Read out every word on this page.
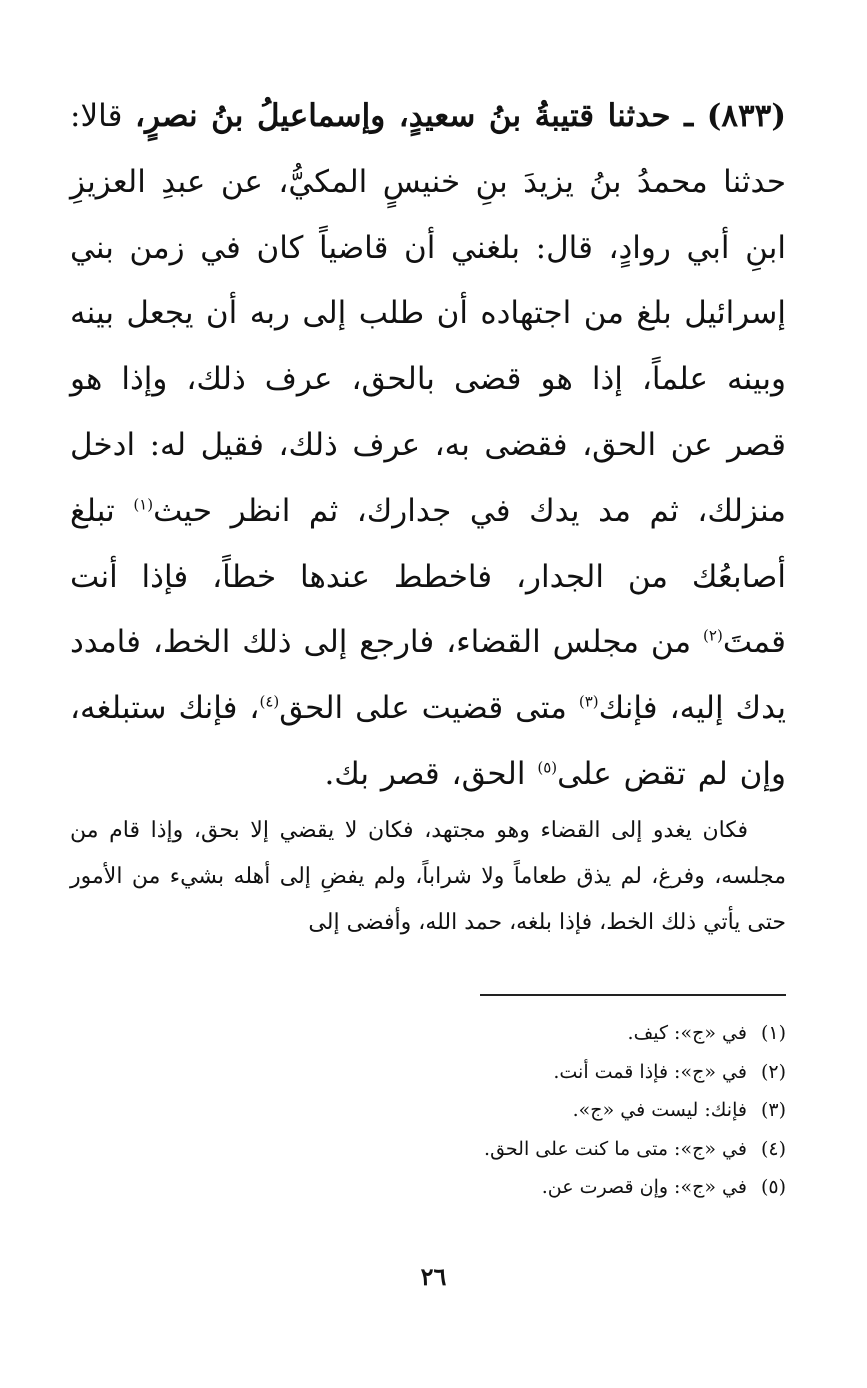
(٨٣٣) ـ حدثنا قتيبةُ بنُ سعيدٍ، وإسماعيلُ بنُ نصرٍ، قالا: حدثنا محمدُ بنُ يزيدَ بنِ خنيسٍ المكيُّ، عن عبدِ العزيزِ ابنِ أبي روادٍ، قال: بلغني أن قاضياً كان في زمن بني إسرائيل بلغ من اجتهاده أن طلب إلى ربه أن يجعل بينه وبينه علماً، إذا هو قضى بالحق، عرف ذلك، وإذا هو قصر عن الحق، فقضى به، عرف ذلك، فقيل له: ادخل منزلك، ثم مد يدك في جدارك، ثم انظر حيث$^{(١)}$ تبلغ أصابعُك من الجدار، فاخطط عندها خطاً، فإذا أنت قمتَ$^{(٢)}$ من مجلس القضاء، فارجع إلى ذلك الخط، فامدد يدك إليه، فإنك$^{(٣)}$ متى قضيت على الحق$^{(٤)}$، فإنك ستبلغه، وإن لم تقض على$^{(٥)}$ الحق، قصر بك.
فكان يغدو إلى القضاء وهو مجتهد، فكان لا يقضي إلا بحق، وإذا قام من مجلسه، وفرغ، لم يذق طعاماً ولا شراباً، ولم يفضِ إلى أهله بشيء من الأمور حتى يأتي ذلك الخط، فإذا بلغه، حمد الله، وأفضى إلى
(١)في «ج»: كيف.
(٢)في «ج»: فإذا قمت أنت.
(٣)فإنك: ليست في «ج».
(٤)في «ج»: متى ما كنت على الحق.
(٥)في «ج»: وإن قصرت عن.
٢٦
